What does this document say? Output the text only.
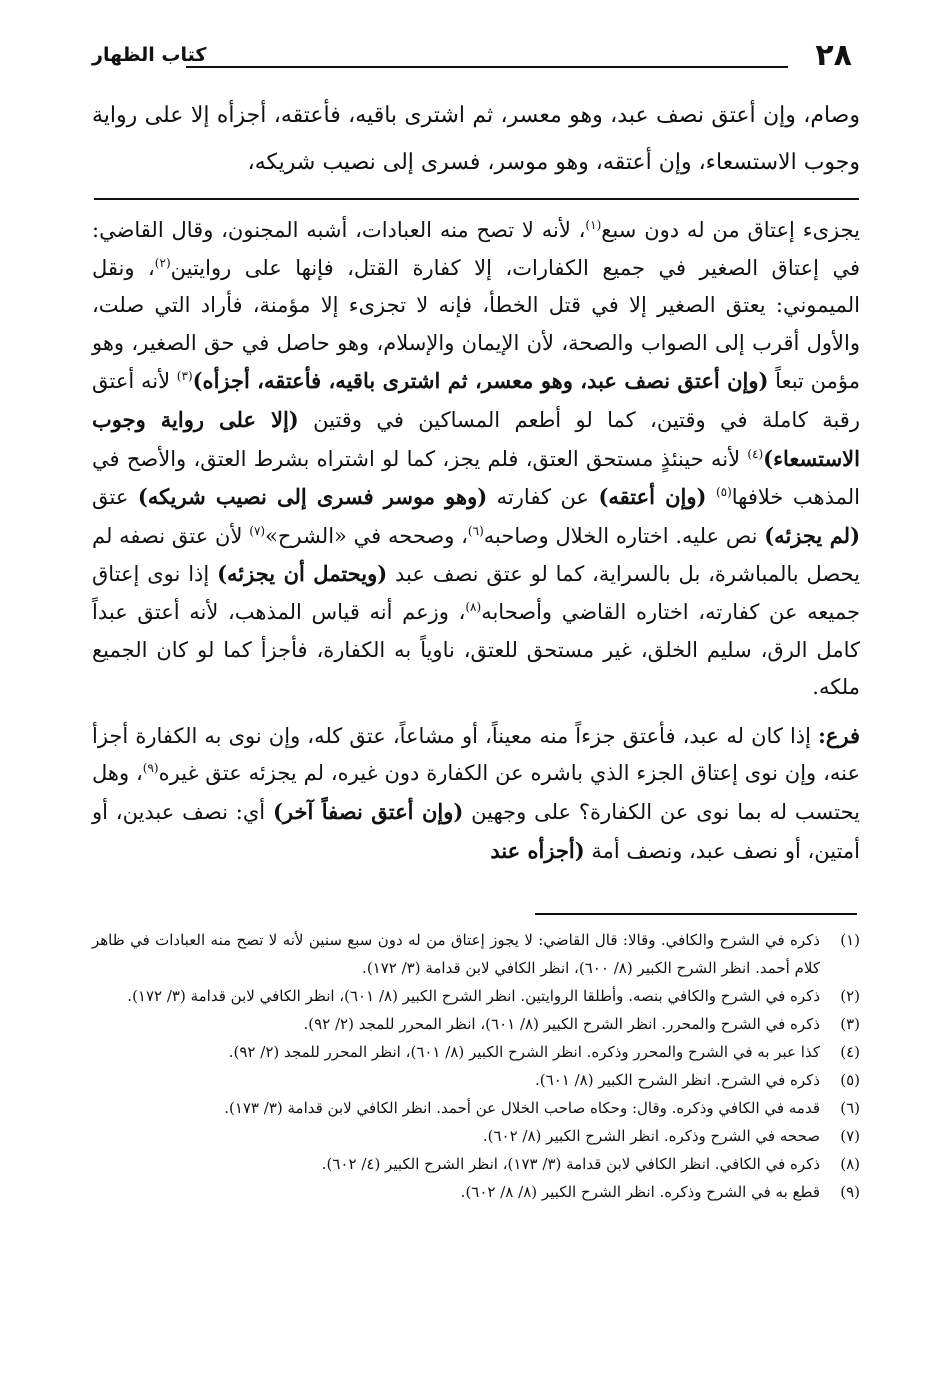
٢٨
كتاب الظهار
وصام، وإن أعتق نصف عبد، وهو معسر، ثم اشترى باقيه، فأعتقه، أجزأه إلا على رواية وجوب الاستسعاء، وإن أعتقه، وهو موسر، فسرى إلى نصيب شريكه،

يجزىء إعتاق من له دون سبع$^{(١)}$، لأنه لا تصح منه العبادات، أشبه المجنون، وقال القاضي: في إعتاق الصغير في جميع الكفارات، إلا كفارة القتل، فإنها على روايتين$^{(٢)}$، ونقل الميموني: يعتق الصغير إلا في قتل الخطأ، فإنه لا تجزىء إلا مؤمنة، فأراد التي صلت، والأول أقرب إلى الصواب والصحة، لأن الإيمان والإسلام، وهو حاصل في حق الصغير، وهو مؤمن تبعاً (وإن أعتق نصف عبد، وهو معسر، ثم اشترى باقيه، فأعتقه، أجزأه)$^{(٣)}$ لأنه أعتق رقبة كاملة في وقتين، كما لو أطعم المساكين في وقتين (إلا على رواية وجوب الاستسعاء)$^{(٤)}$ لأنه حينئذٍ مستحق العتق، فلم يجز، كما لو اشتراه بشرط العتق، والأصح في المذهب خلافها$^{(٥)}$ (وإن أعتقه) عن كفارته (وهو موسر فسرى إلى نصيب شريكه) عتق (لم يجزئه) نص عليه. اختاره الخلال وصاحبه$^{(٦)}$، وصححه في «الشرح»$^{(٧)}$ لأن عتق نصفه لم يحصل بالمباشرة، بل بالسراية، كما لو عتق نصف عبد (ويحتمل أن يجزئه) إذا نوى إعتاق جميعه عن كفارته، اختاره القاضي وأصحابه$^{(٨)}$، وزعم أنه قياس المذهب، لأنه أعتق عبداً كامل الرق، سليم الخلق، غير مستحق للعتق، ناوياً به الكفارة، فأجزأ كما لو كان الجميع ملكه.

فرع: إذا كان له عبد، فأعتق جزءاً منه معيناً، أو مشاعاً، عتق كله، وإن نوى به الكفارة أجزأ عنه، وإن نوى إعتاق الجزء الذي باشره عن الكفارة دون غيره، لم يجزئه عتق غيره$^{(٩)}$، وهل يحتسب له بما نوى عن الكفارة؟ على وجهين (وإن أعتق نصفاً آخر) أي: نصف عبدين، أو أمتين، أو نصف عبد، ونصف أمة (أجزأه عند

(١)
ذكره في الشرح والكافي. وقالا: قال القاضي: لا يجوز إعتاق من له دون سبع سنين لأنه لا تصح منه العبادات في ظاهر كلام أحمد. انظر الشرح الكبير (٨/ ٦٠٠)، انظر الكافي لابن قدامة (٣/ ١٧٢).
(٢)
ذكره في الشرح والكافي بنصه. وأطلقا الروايتين. انظر الشرح الكبير (٨/ ٦٠١)، انظر الكافي لابن قدامة (٣/ ١٧٢).
(٣)
ذكره في الشرح والمحرر. انظر الشرح الكبير (٨/ ٦٠١)، انظر المحرر للمجد (٢/ ٩٢).
(٤)
كذا عبر به في الشرح والمحرر وذكره. انظر الشرح الكبير (٨/ ٦٠١)، انظر المحرر للمجد (٢/ ٩٢).
(٥)
ذكره في الشرح. انظر الشرح الكبير (٨/ ٦٠١).
(٦)
قدمه في الكافي وذكره. وقال: وحكاه صاحب الخلال عن أحمد. انظر الكافي لابن قدامة (٣/ ١٧٣).
(٧)
صححه في الشرح وذكره. انظر الشرح الكبير (٨/ ٦٠٢).
(٨)
ذكره في الكافي. انظر الكافي لابن قدامة (٣/ ١٧٣)، انظر الشرح الكبير (٤/ ٦٠٢).
(٩)
قطع به في الشرح وذكره. انظر الشرح الكبير (٨/ ٨/ ٦٠٢).
